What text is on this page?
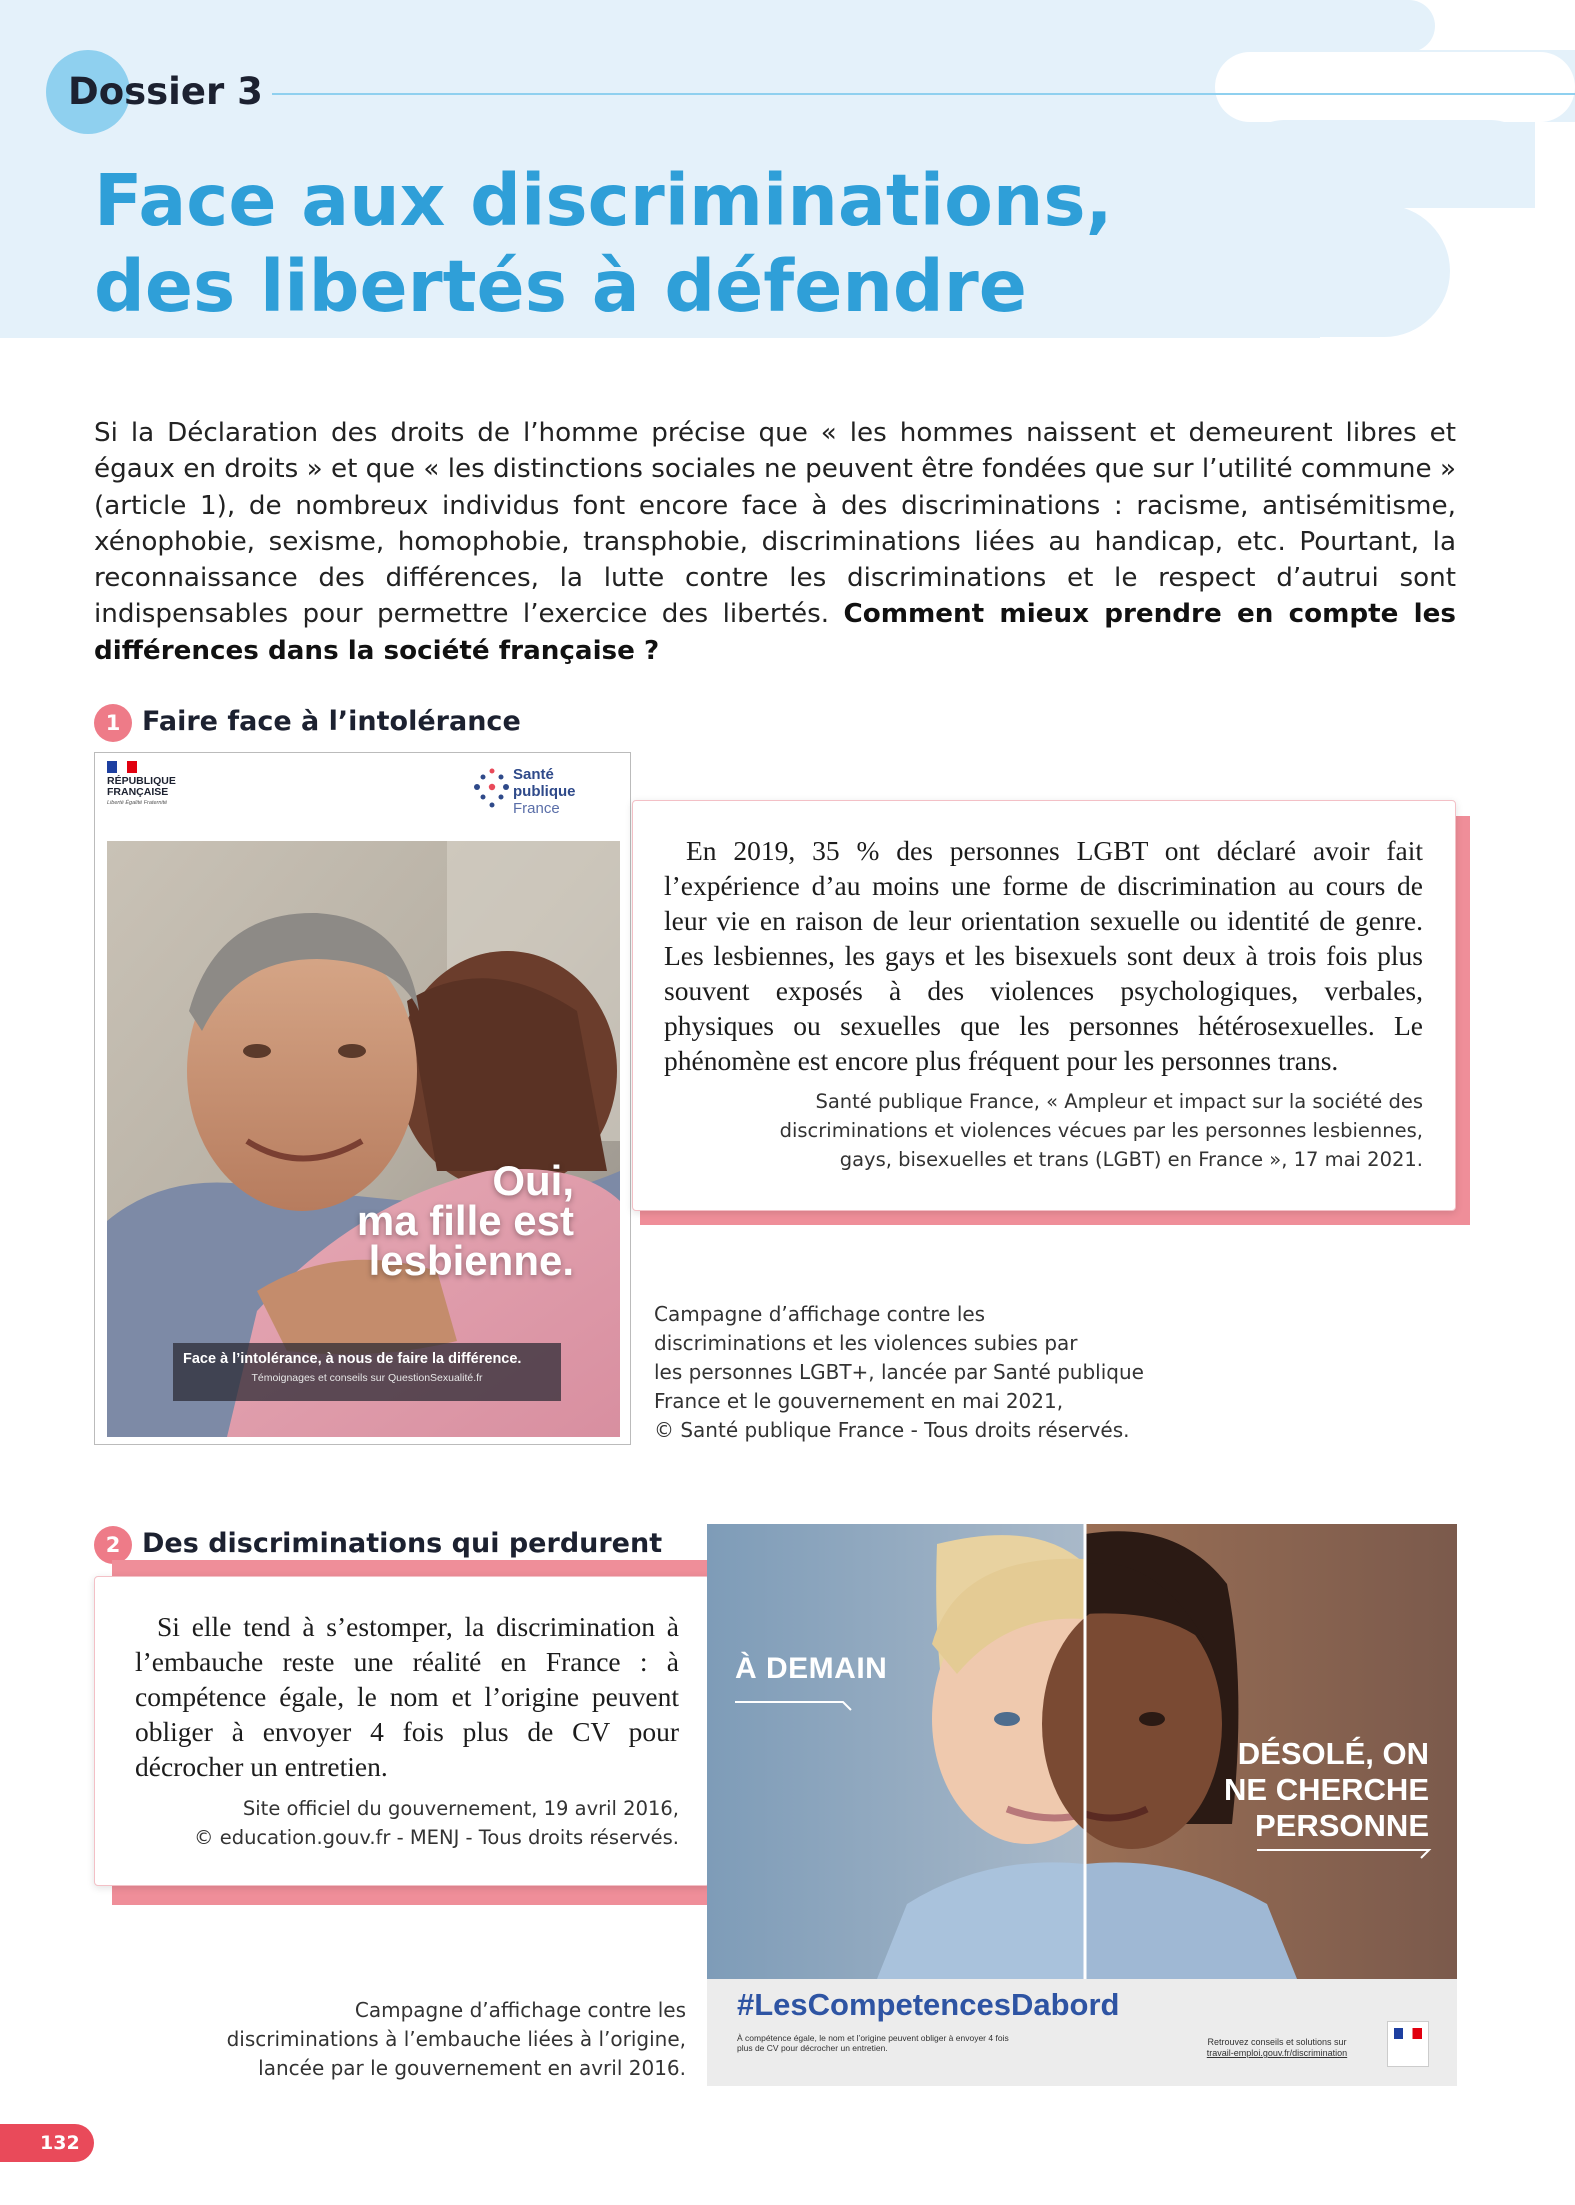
Dossier 3
Face aux discriminations,
des libertés à défendre

Si la Déclaration des droits de l’homme précise que « les hommes naissent et demeurent libres et égaux en droits » et que « les distinctions sociales ne peuvent être fondées que sur l’utilité commune » (article 1), de nombreux individus font encore face à des discriminations : racisme, antisémitisme, xénophobie, sexisme, homophobie, transphobie, discriminations liées au handicap, etc. Pourtant, la reconnaissance des différences, la lutte contre les discriminations et le respect d’autrui sont indispensables pour permettre l’exercice des libertés. Comment mieux prendre en compte les différences dans la société française ?

1 Faire face à l’intolérance
RÉPUBLIQUE
FRANÇAISE
Liberté Égalité Fraternité
Santé
publique
France
Oui,
ma fille est
lesbienne.
Face à l’intolérance, à nous de faire la différence.
Témoignages et conseils sur QuestionSexualité.fr

En 2019, 35 % des personnes LGBT ont déclaré avoir fait l’expérience d’au moins une forme de discrimination au cours de leur vie en raison de leur orientation sexuelle ou identité de genre. Les lesbiennes, les gays et les bisexuels sont deux à trois fois plus souvent exposés à des violences psychologiques, verbales, physiques ou sexuelles que les personnes hétérosexuelles. Le phénomène est encore plus fréquent pour les personnes trans.

Santé publique France, « Ampleur et impact sur la société des
discriminations et violences vécues par les personnes lesbiennes,
gays, bisexuelles et trans (LGBT) en France », 17 mai 2021.
Campagne d’affichage contre les
discriminations et les violences subies par
les personnes LGBT+, lancée par Santé publique
France et le gouvernement en mai 2021,
© Santé publique France - Tous droits réservés.
2 Des discriminations qui perdurent

Si elle tend à s’estomper, la discrimination à l’embauche reste une réalité en France : à compétence égale, le nom et l’origine peuvent obliger à envoyer 4 fois plus de CV pour décrocher un entretien.

Site officiel du gouvernement, 19 avril 2016,
© education.gouv.fr - MENJ - Tous droits réservés.
À DEMAIN
DÉSOLÉ, ON
NE CHERCHE
PERSONNE
#LesCompetencesDabord
À compétence égale, le nom et l’origine peuvent obliger à envoyer 4 fois plus de CV pour décrocher un entretien.
Retrouvez conseils et solutions sur
travail-emploi.gouv.fr/discrimination
Campagne d’affichage contre les
discriminations à l’embauche liées à l’origine,
lancée par le gouvernement en avril 2016.
132
